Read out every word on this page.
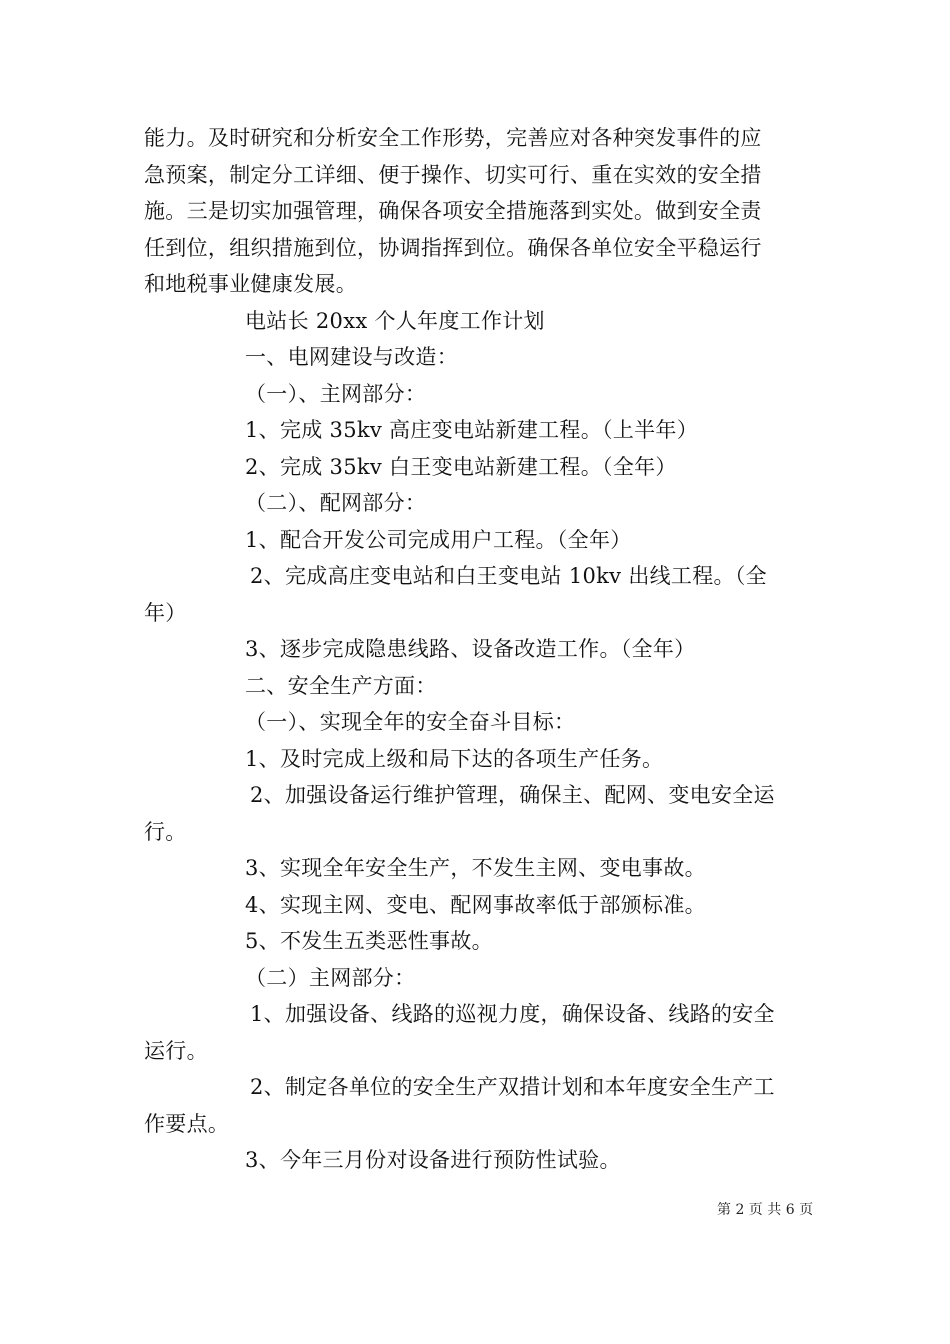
能力。及时研究和分析安全工作形势，完善应对各种突发事件的应
急预案，制定分工详细、便于操作、切实可行、重在实效的安全措
施。三是切实加强管理，确保各项安全措施落到实处。做到安全责
任到位，组织措施到位，协调指挥到位。确保各单位安全平稳运行
和地税事业健康发展。
电站长 20xx 个人年度工作计划
一、电网建设与改造：
（一）、主网部分：
1、完成 35kv 高庄变电站新建工程。（上半年）
2、完成 35kv 白王变电站新建工程。（全年）
（二）、配网部分：
1、配合开发公司完成用户工程。（全年）
2、完成高庄变电站和白王变电站 10kv 出线工程。（全
年）
3、逐步完成隐患线路、设备改造工作。（全年）
二、安全生产方面：
（一）、实现全年的安全奋斗目标：
1、及时完成上级和局下达的各项生产任务。
2、加强设备运行维护管理，确保主、配网、变电安全运
行。
3、实现全年安全生产，不发生主网、变电事故。
4、实现主网、变电、配网事故率低于部颁标准。
5、不发生五类恶性事故。
（二）主网部分：
1、加强设备、线路的巡视力度，确保设备、线路的安全
运行。
2、制定各单位的安全生产双措计划和本年度安全生产工
作要点。
3、今年三月份对设备进行预防性试验。
第 2 页 共 6 页
